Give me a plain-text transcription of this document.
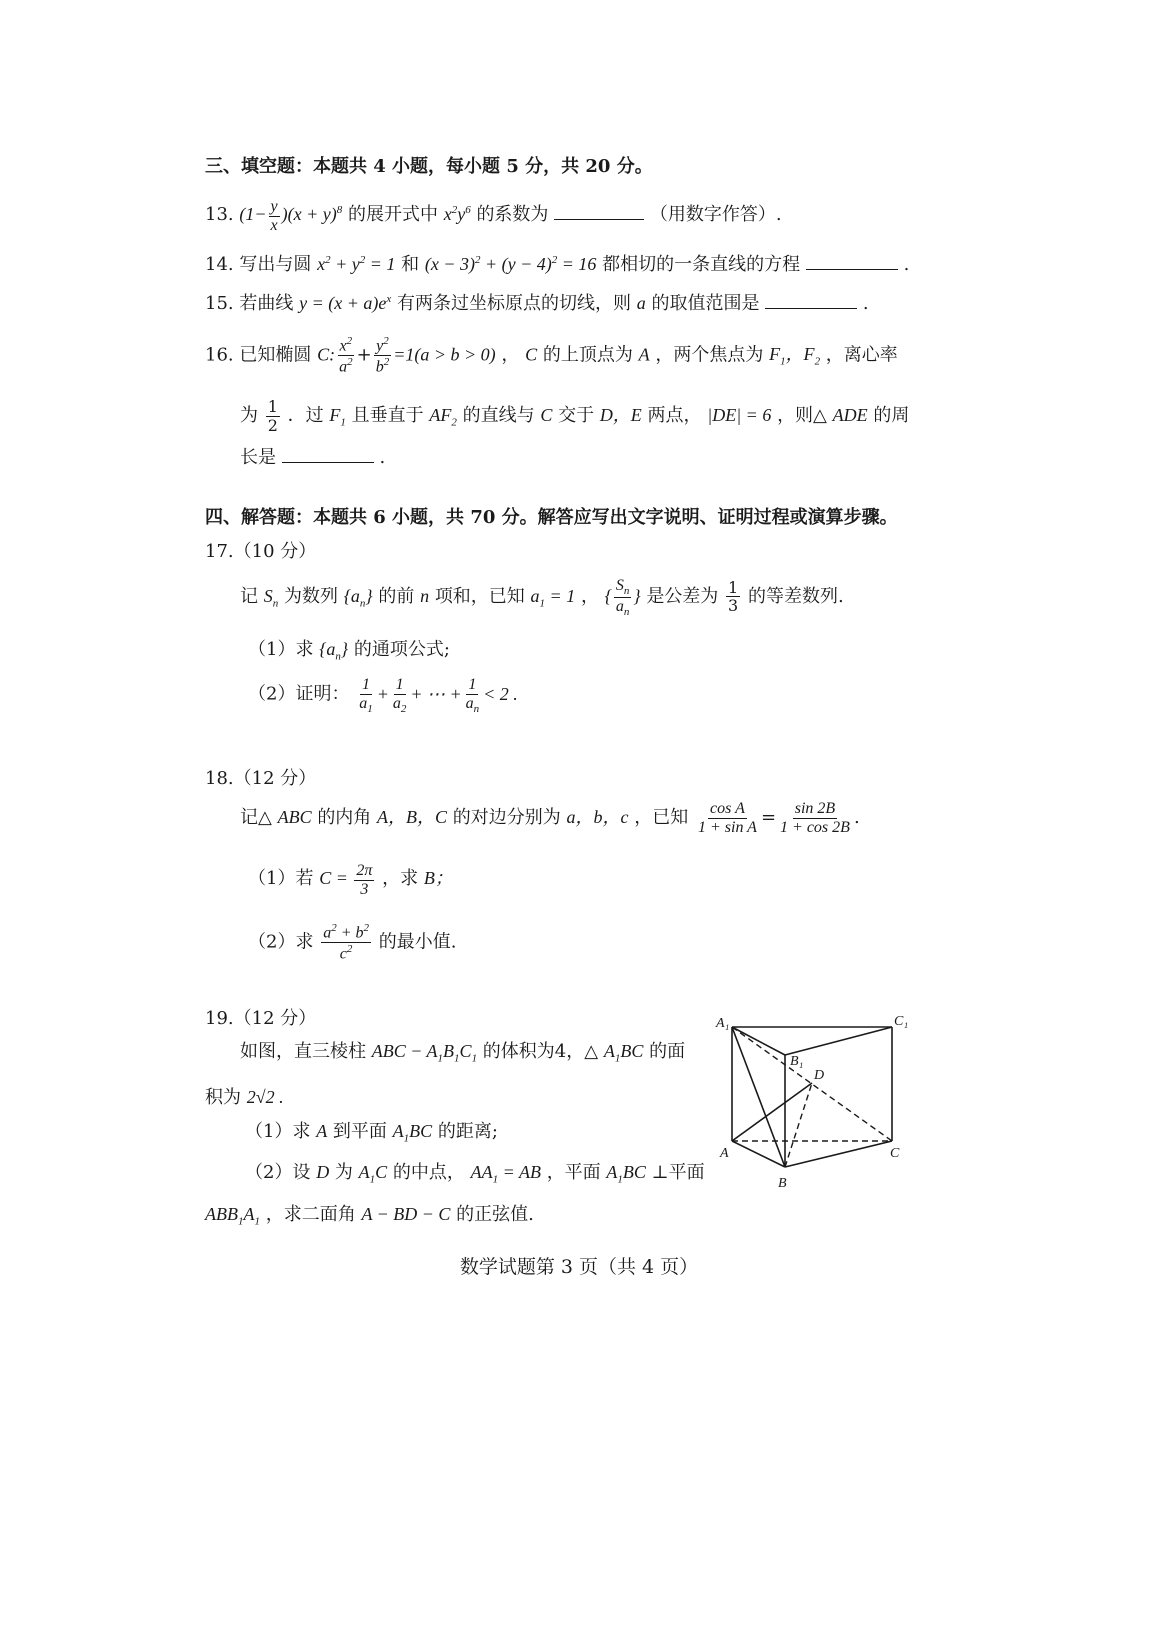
三、填空题：本题共 4 小题，每小题 5 分，共 20 分。
13. $(1- \frac{y}{x} )(x + y)^8$ 的展开式中 $x^2y^6$ 的系数为	（用数字作答）.
14. 写出与圆 $x^2 + y^2 = 1$ 和 $(x - 3)^2 + (y - 4)^2 = 16$ 都相切的一条直线的方程	.
15. 若曲线 $y = (x + a)e^x$ 有两条过坐标原点的切线，则 a 的取值范围是	.
16. 已知椭圆 C: $\frac{x^2}{a^2} + \frac{y^2}{b^2} =1(a > b > 0)$ ， C 的上顶点为 A ，两个焦点为 $F_1$，$F_2$ ，离心率
为 $\frac{1}{2}$ ．过 $F_1$ 且垂直于 $AF_2$ 的直线与 C 交于 D，E 两点， |DE| = 6 ，则△ ADE 的周
长是	.
四、解答题：本题共 6 小题，共 70 分。解答应写出文字说明、证明过程或演算步骤。
17.（10 分）
记 $S_n$ 为数列 $\{a_n\}$ 的前 n 项和，已知 $a_1 = 1$ ， { $\frac{S_n}{a_n}$ } 是公差为 $\frac{1}{3}$ 的等差数列.
（1）求 $\{a_n\}$ 的通项公式;
（2）证明： $\frac{1}{a_1} + \frac{1}{a_2}$ + ⋯ + $\frac{1}{a_n} < 2$ .
18.（12 分）
记△ ABC 的内角 A，B，C 的对边分别为 a，b，c ，已知 $\frac{\text{cos A}}{\text{1 + sin A}} = \frac{\sin 2B}{1 + \cos 2B}$ .
（1）若 $C = \frac{2\pi}{3}$ ，求 B；
（2）求 $\frac{a^2 + b^2}{c^2}$ 的最小值.
19.（12 分）
如图，直三棱柱 ABC − $A_1B_1C_1$ 的体积为4，△ $A_1BC$ 的面
积为 2√2 .
（1）求 A 到平面 $A_1BC$ 的距离;
（2）设 D 为 $A_1C$ 的中点， $AA_1$ = AB ，平面 $A_1BC$ ⊥平面
$ABB_1A_1$ ，求二面角 A − BD − C 的正弦值.
A₁	C₁
B₁
D
A	C
B
数学试题第 3 页（共 4 页）
